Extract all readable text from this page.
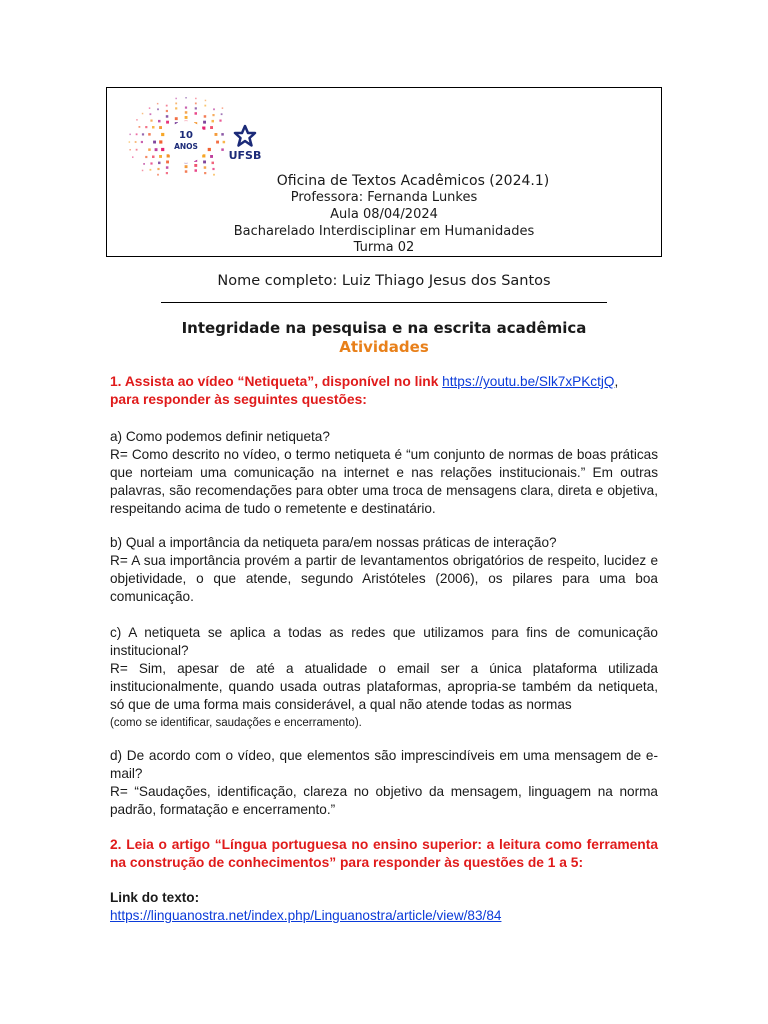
10
ANOS
UFSB
Oficina de Textos Acadêmicos (2024.1)
Professora: Fernanda Lunkes
Aula 08/04/2024
Bacharelado Interdisciplinar em Humanidades
Turma 02
Nome completo: Luiz Thiago Jesus dos Santos
Integridade na pesquisa e na escrita acadêmica
Atividades

1. Assista ao vídeo “Netiqueta”, disponível no link https://youtu.be/Slk7xPKctjQ,

para responder às seguintes questões:

a) Como podemos definir netiqueta?

R= Como descrito no vídeo, o termo netiqueta é “um conjunto de normas de boas práticas que norteiam uma comunicação na internet e nas relações institucionais.” Em outras palavras, são recomendações para obter uma troca de mensagens clara, direta e objetiva, respeitando acima de tudo o remetente e destinatário.

b) Qual a importância da netiqueta para/em nossas práticas de interação?

R= A sua importância provém a partir de levantamentos obrigatórios de respeito, lucidez e objetividade, o que atende, segundo Aristóteles (2006), os pilares para uma boa comunicação.

c) A netiqueta se aplica a todas as redes que utilizamos para fins de comunicação institucional?

R= Sim, apesar de até a atualidade o email ser a única plataforma utilizada institucionalmente, quando usada outras plataformas, apropria-se também da netiqueta, só que de uma forma mais considerável, a qual não atende todas as normas

(como se identificar, saudações e encerramento).

d) De acordo com o vídeo, que elementos são imprescindíveis em uma mensagem de e-mail?

R= “Saudações, identificação, clareza no objetivo da mensagem, linguagem na norma padrão, formatação e encerramento.”

2. Leia o artigo “Língua portuguesa no ensino superior: a leitura como ferramenta na construção de conhecimentos” para responder às questões de 1 a 5:

Link do texto:

https://linguanostra.net/index.php/Linguanostra/article/view/83/84
